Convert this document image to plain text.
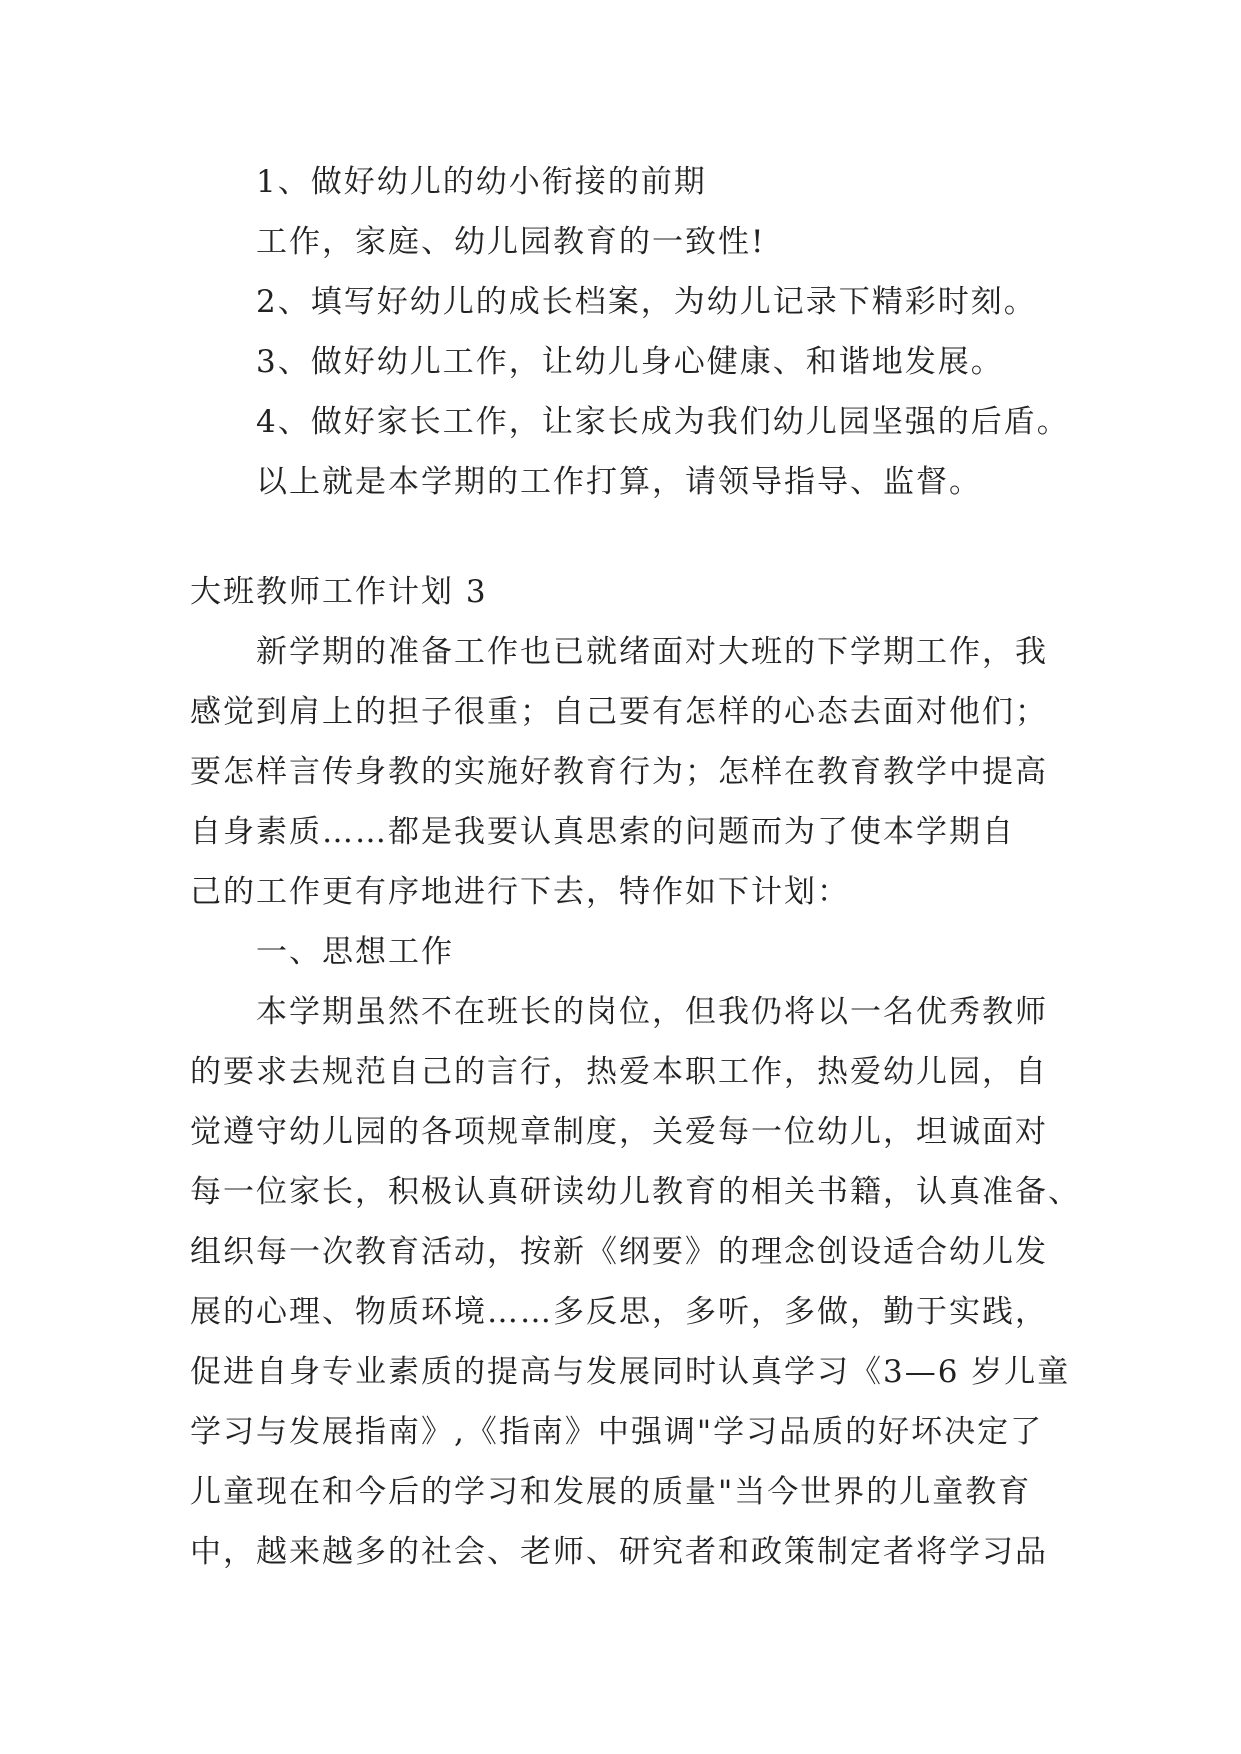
1、做好幼儿的幼小衔接的前期
工作，家庭、幼儿园教育的一致性!
2、填写好幼儿的成长档案，为幼儿记录下精彩时刻。
3、做好幼儿工作，让幼儿身心健康、和谐地发展。
4、做好家长工作，让家长成为我们幼儿园坚强的后盾。
以上就是本学期的工作打算，请领导指导、监督。
大班教师工作计划 3
新学期的准备工作也已就绪面对大班的下学期工作，我
感觉到肩上的担子很重；自己要有怎样的心态去面对他们；
要怎样言传身教的实施好教育行为；怎样在教育教学中提高
自身素质……都是我要认真思索的问题而为了使本学期自
己的工作更有序地进行下去，特作如下计划：
一、思想工作
本学期虽然不在班长的岗位，但我仍将以一名优秀教师
的要求去规范自己的言行，热爱本职工作，热爱幼儿园，自
觉遵守幼儿园的各项规章制度，关爱每一位幼儿，坦诚面对
每一位家长，积极认真研读幼儿教育的相关书籍，认真准备、
组织每一次教育活动，按新《纲要》的理念创设适合幼儿发
展的心理、物质环境……多反思，多听，多做，勤于实践，
促进自身专业素质的提高与发展同时认真学习《3—6 岁儿童
学习与发展指南》,《指南》中强调"学习品质的好坏决定了
儿童现在和今后的学习和发展的质量"当今世界的儿童教育
中，越来越多的社会、老师、研究者和政策制定者将学习品
